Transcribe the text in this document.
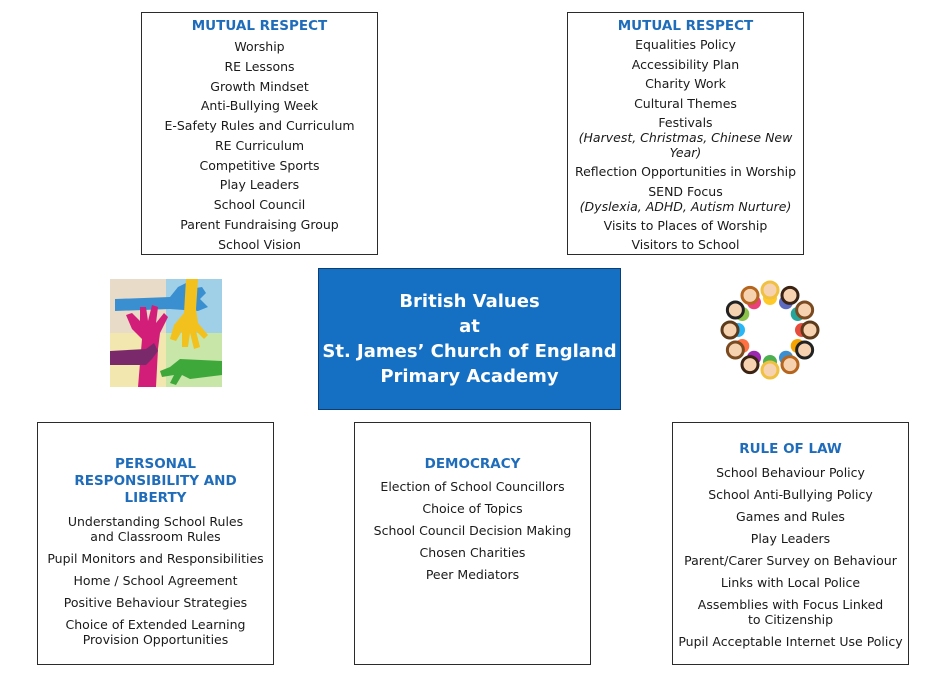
MUTUAL RESPECT
Worship
RE Lessons
Growth Mindset
Anti-Bullying Week
E-Safety Rules and Curriculum
RE Curriculum
Competitive Sports
Play Leaders
School Council
Parent Fundraising Group
School Vision
MUTUAL RESPECT
Equalities Policy
Accessibility Plan
Charity Work
Cultural Themes
Festivals
(Harvest, Christmas, Chinese New Year)
Reflection Opportunities in Worship
SEND Focus
(Dyslexia, ADHD, Autism Nurture)
Visits to Places of Worship
Visitors to School
British Values
at
St. James’ Church of England
Primary Academy
PERSONAL RESPONSIBILITY AND LIBERTY
Understanding School Rules and Classroom Rules
Pupil Monitors and Responsibilities
Home / School Agreement
Positive Behaviour Strategies
Choice of Extended Learning Provision Opportunities
DEMOCRACY
Election of School Councillors
Choice of Topics
School Council Decision Making
Chosen Charities
Peer Mediators
RULE OF LAW
School Behaviour Policy
School Anti-Bullying Policy
Games and Rules
Play Leaders
Parent/Carer Survey on Behaviour
Links with Local Police
Assemblies with Focus Linked to Citizenship
Pupil Acceptable Internet Use Policy
